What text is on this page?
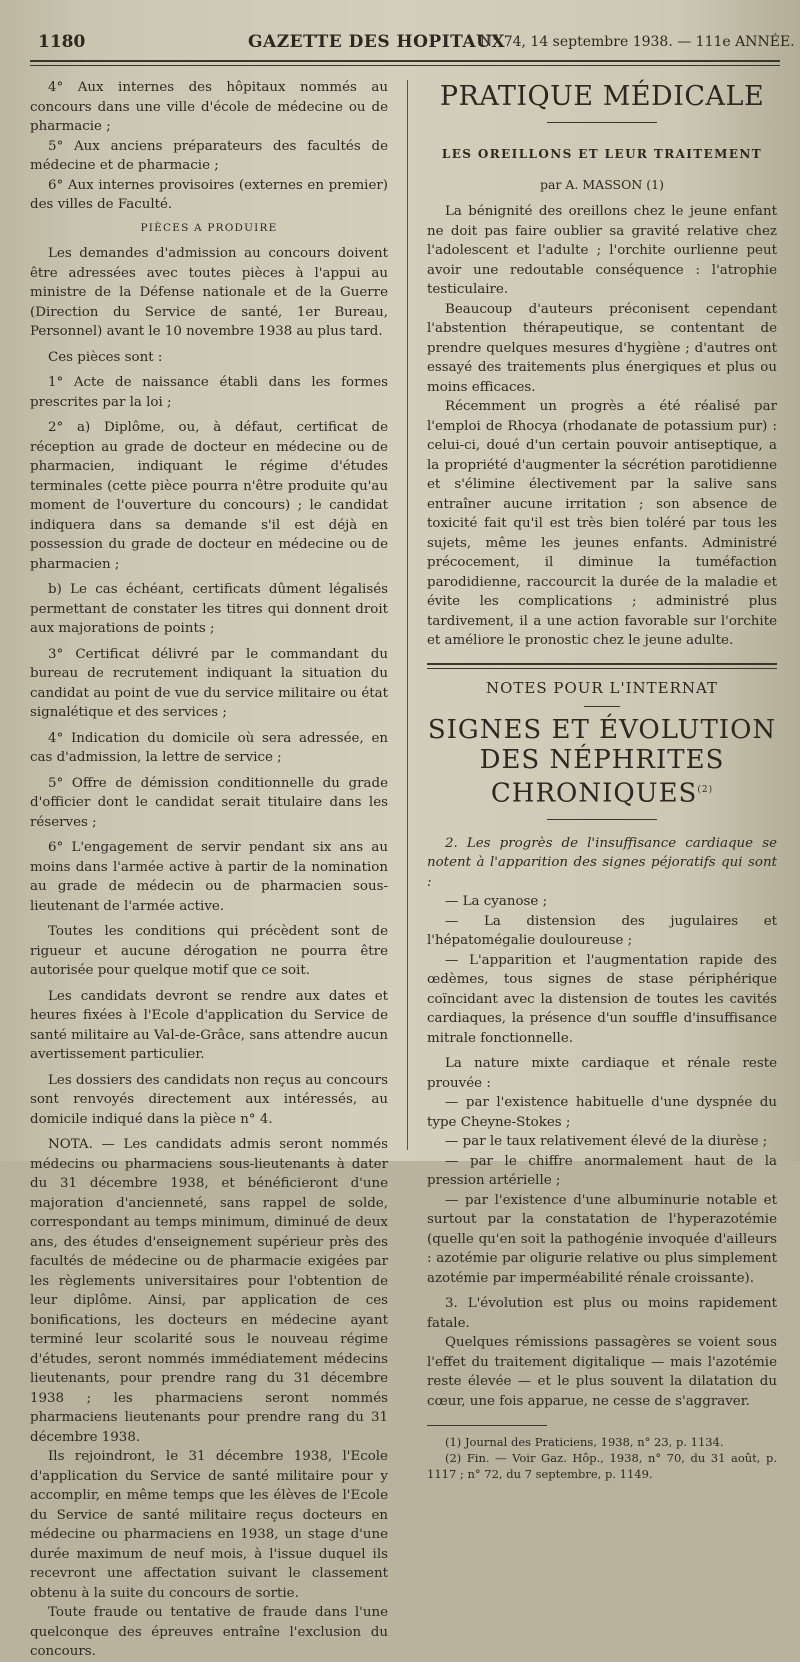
1180	GAZETTE DES HOPITAUX
N° 74, 14 septembre 1938. — 111e ANNÉE.

4° Aux internes des hôpitaux nommés au concours dans une ville d'école de médecine ou de pharmacie ;

5° Aux anciens préparateurs des facultés de médecine et de pharmacie ;

6° Aux internes provisoires (externes en premier) des villes de Faculté.

PIÈCES A PRODUIRE

Les demandes d'admission au concours doivent être adressées avec toutes pièces à l'appui au ministre de la Défense nationale et de la Guerre (Direction du Service de santé, 1er Bureau, Personnel) avant le 10 novembre 1938 au plus tard.

Ces pièces sont :

1° Acte de naissance établi dans les formes prescrites par la loi ;

2° a) Diplôme, ou, à défaut, certificat de réception au grade de docteur en médecine ou de pharmacien, indiquant le régime d'études terminales (cette pièce pourra n'être produite qu'au moment de l'ouverture du concours) ; le candidat indiquera dans sa demande s'il est déjà en possession du grade de docteur en médecine ou de pharmacien ;

b) Le cas échéant, certificats dûment légalisés permettant de constater les titres qui donnent droit aux majorations de points ;

3° Certificat délivré par le commandant du bureau de recrutement indiquant la situation du candidat au point de vue du service militaire ou état signalétique et des services ;

4° Indication du domicile où sera adressée, en cas d'admission, la lettre de service ;

5° Offre de démission conditionnelle du grade d'officier dont le candidat serait titulaire dans les réserves ;

6° L'engagement de servir pendant six ans au moins dans l'armée active à partir de la nomination au grade de médecin ou de pharmacien sous-lieutenant de l'armée active.

Toutes les conditions qui précèdent sont de rigueur et aucune dérogation ne pourra être autorisée pour quelque motif que ce soit.

Les candidats devront se rendre aux dates et heures fixées à l'Ecole d'application du Service de santé militaire au Val-de-Grâce, sans attendre aucun avertissement particulier.

Les dossiers des candidats non reçus au concours sont renvoyés directement aux intéressés, au domicile indiqué dans la pièce n° 4.

NOTA. — Les candidats admis seront nommés médecins ou pharmaciens sous-lieutenants à dater du 31 décembre 1938, et bénéficieront d'une majoration d'ancienneté, sans rappel de solde, correspondant au temps minimum, diminué de deux ans, des études d'enseignement supérieur près des facultés de médecine ou de pharmacie exigées par les règlements universitaires pour l'obtention de leur diplôme. Ainsi, par application de ces bonifications, les docteurs en médecine ayant terminé leur scolarité sous le nouveau régime d'études, seront nommés immédiatement médecins lieutenants, pour prendre rang du 31 décembre 1938 ; les pharmaciens seront nommés pharmaciens lieutenants pour prendre rang du 31 décembre 1938.

Ils rejoindront, le 31 décembre 1938, l'Ecole d'application du Service de santé militaire pour y accomplir, en même temps que les élèves de l'Ecole du Service de santé militaire reçus docteurs en médecine ou pharmaciens en 1938, un stage d'une durée maximum de neuf mois, à l'issue duquel ils recevront une affectation suivant le classement obtenu à la suite du concours de sortie.

Toute fraude ou tentative de fraude dans l'une quelconque des épreuves entraîne l'exclusion du concours.

PRATIQUE MÉDICALE
LES OREILLONS ET LEUR TRAITEMENT
par A. MASSON (1)

La bénignité des oreillons chez le jeune enfant ne doit pas faire oublier sa gravité relative chez l'adolescent et l'adulte ; l'orchite ourlienne peut avoir une redoutable conséquence : l'atrophie testiculaire.

Beaucoup d'auteurs préconisent cependant l'abstention thérapeutique, se contentant de prendre quelques mesures d'hygiène ; d'autres ont essayé des traitements plus énergiques et plus ou moins efficaces.

Récemment un progrès a été réalisé par l'emploi de Rhocya (rhodanate de potassium pur) : celui-ci, doué d'un certain pouvoir antiseptique, a la propriété d'augmenter la sécrétion parotidienne et s'élimine électivement par la salive sans entraîner aucune irritation ; son absence de toxicité fait qu'il est très bien toléré par tous les sujets, même les jeunes enfants. Administré précocement, il diminue la tuméfaction parodidienne, raccourcit la durée de la maladie et évite les complications ; administré plus tardivement, il a une action favorable sur l'orchite et améliore le pronostic chez le jeune adulte.

NOTES POUR L'INTERNAT
SIGNES ET ÉVOLUTION
DES NÉPHRITES CHRONIQUES$^{(2)}$

2. Les progrès de l'insuffisance cardiaque se notent à l'apparition des signes péjoratifs qui sont :

— La cyanose ;

— La distension des jugulaires et l'hépatomégalie douloureuse ;

— L'apparition et l'augmentation rapide des œdèmes, tous signes de stase périphérique coïncidant avec la distension de toutes les cavités cardiaques, la présence d'un souffle d'insuffisance mitrale fonctionnelle.

La nature mixte cardiaque et rénale reste prouvée :

— par l'existence habituelle d'une dyspnée du type Cheyne-Stokes ;

— par le taux relativement élevé de la diurèse ;

— par le chiffre anormalement haut de la pression artérielle ;

— par l'existence d'une albuminurie notable et surtout par la constatation de l'hyperazotémie (quelle qu'en soit la pathogénie invoquée d'ailleurs : azotémie par oligurie relative ou plus simplement azotémie par imperméabilité rénale croissante).

3. L'évolution est plus ou moins rapidement fatale.

Quelques rémissions passagères se voient sous l'effet du traitement digitalique — mais l'azotémie reste élevée — et le plus souvent la dilatation du cœur, une fois apparue, ne cesse de s'aggraver.

(1) Journal des Praticiens, 1938, n° 23, p. 1134.

(2) Fin. — Voir Gaz. Hôp., 1938, n° 70, du 31 août, p. 1117 ; n° 72, du 7 septembre, p. 1149.
